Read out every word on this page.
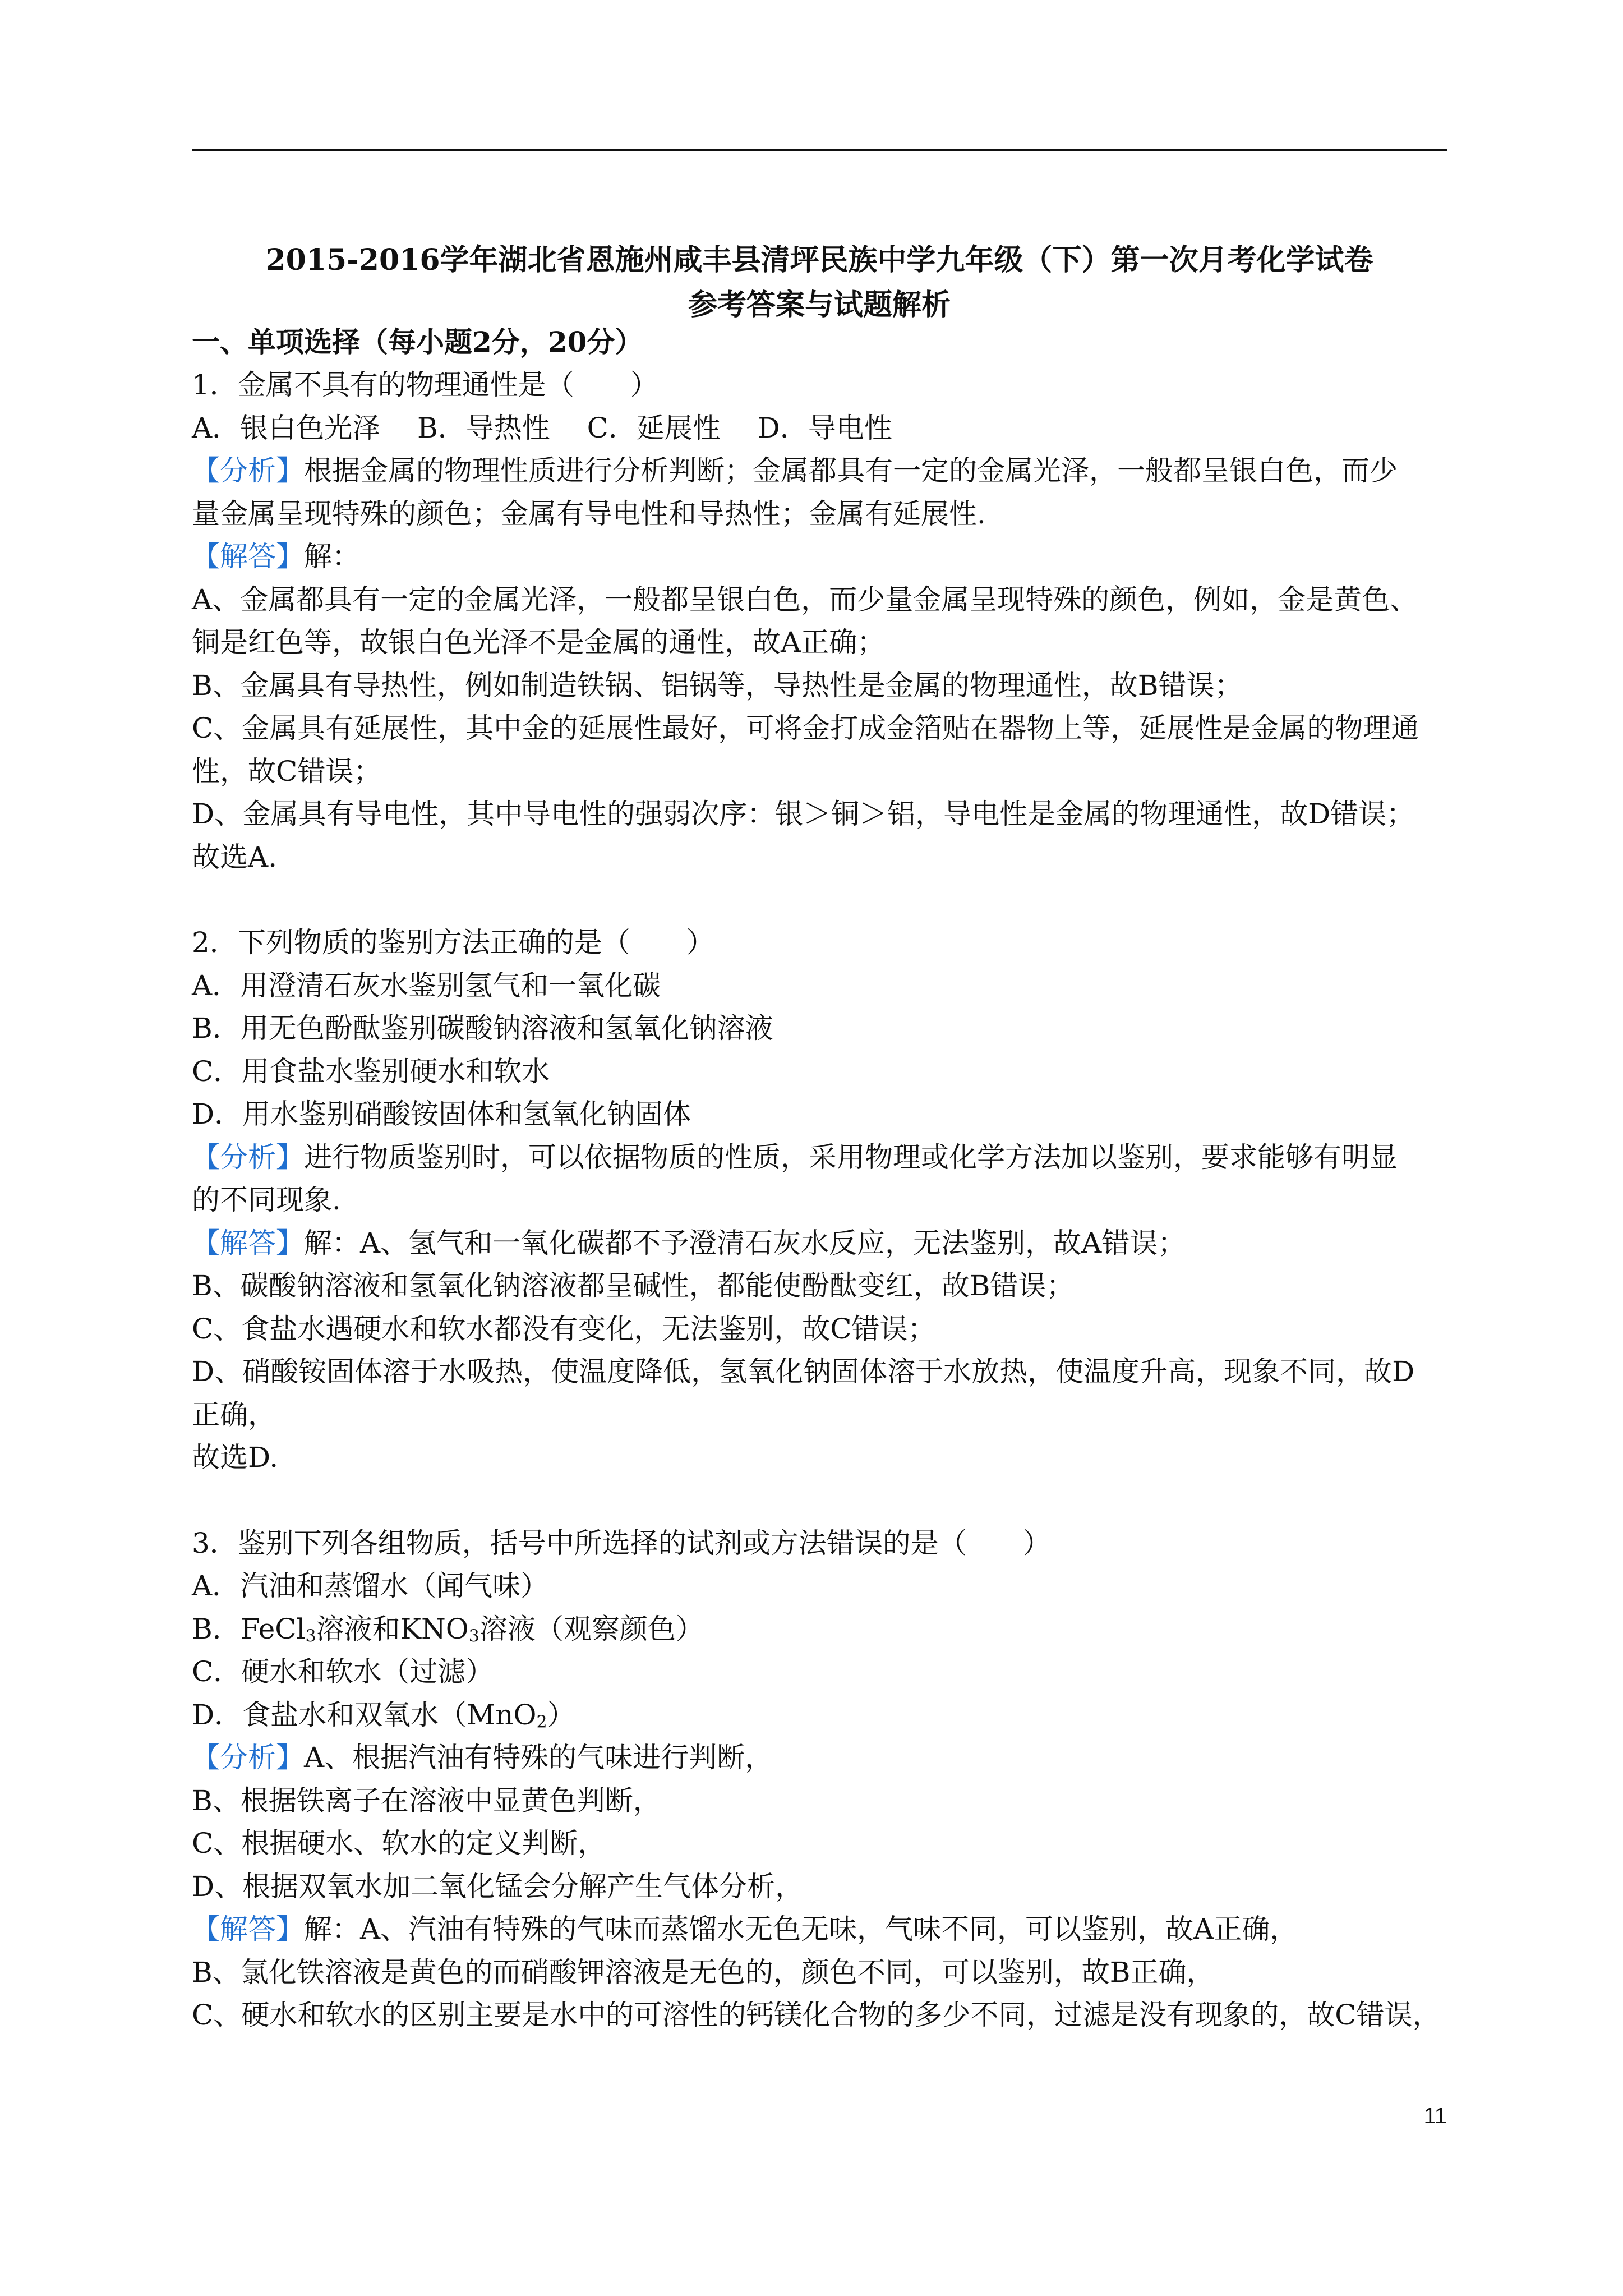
2015-2016学年湖北省恩施州咸丰县清坪民族中学九年级（下）第一次月考化学试卷
参考答案与试题解析
一、单项选择（每小题2分，20分）
1．金属不具有的物理通性是（　　）
A．银白色光泽　 B．导热性　 C．延展性　 D．导电性
【分析】根据金属的物理性质进行分析判断；金属都具有一定的金属光泽，一般都呈银白色，而少
量金属呈现特殊的颜色；金属有导电性和导热性；金属有延展性.
【解答】解：
A、金属都具有一定的金属光泽，一般都呈银白色，而少量金属呈现特殊的颜色，例如，金是黄色、
铜是红色等，故银白色光泽不是金属的通性，故A正确；
B、金属具有导热性，例如制造铁锅、铝锅等，导热性是金属的物理通性，故B错误；
C、金属具有延展性，其中金的延展性最好，可将金打成金箔贴在器物上等，延展性是金属的物理通
性，故C错误；
D、金属具有导电性，其中导电性的强弱次序：银＞铜＞铝，导电性是金属的物理通性，故D错误；
故选A.
2．下列物质的鉴别方法正确的是（　　）
A．用澄清石灰水鉴别氢气和一氧化碳
B．用无色酚酞鉴别碳酸钠溶液和氢氧化钠溶液
C．用食盐水鉴别硬水和软水
D．用水鉴别硝酸铵固体和氢氧化钠固体
【分析】进行物质鉴别时，可以依据物质的性质，采用物理或化学方法加以鉴别，要求能够有明显
的不同现象.
【解答】解：A、氢气和一氧化碳都不予澄清石灰水反应，无法鉴别，故A错误；
B、碳酸钠溶液和氢氧化钠溶液都呈碱性，都能使酚酞变红，故B错误；
C、食盐水遇硬水和软水都没有变化，无法鉴别，故C错误；
D、硝酸铵固体溶于水吸热，使温度降低，氢氧化钠固体溶于水放热，使温度升高，现象不同，故D
正确，
故选D.
3．鉴别下列各组物质，括号中所选择的试剂或方法错误的是（　　）
A．汽油和蒸馏水（闻气味）
B．FeCl$_3$溶液和$KNO_3$溶液（观察颜色）
C．硬水和软水（过滤）
D．食盐水和双氧水（MnO$_2$）
【分析】A、根据汽油有特殊的气味进行判断，
B、根据铁离子在溶液中显黄色判断，
C、根据硬水、软水的定义判断，
D、根据双氧水加二氧化锰会分解产生气体分析，
【解答】解：A、汽油有特殊的气味而蒸馏水无色无味，气味不同，可以鉴别，故A正确，
B、氯化铁溶液是黄色的而硝酸钾溶液是无色的，颜色不同，可以鉴别，故B正确，
C、硬水和软水的区别主要是水中的可溶性的钙镁化合物的多少不同，过滤是没有现象的，故C错误，
11
